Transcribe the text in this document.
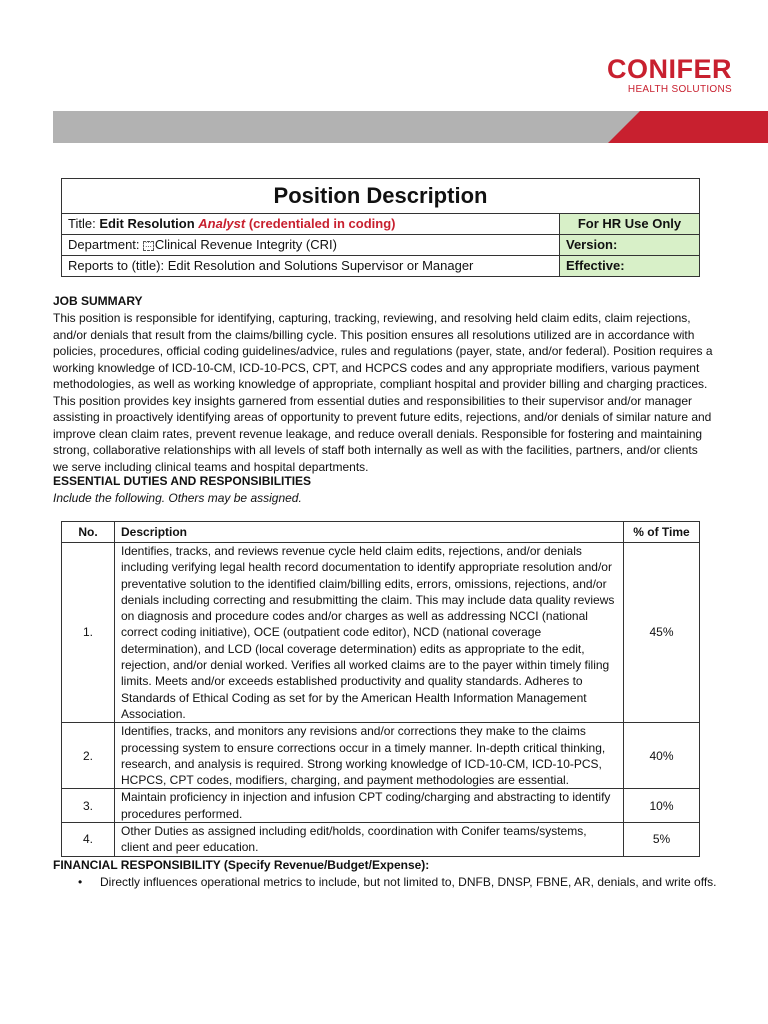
CONIFER
HEALTH SOLUTIONS
Position Description	
Title: Edit Resolution Analyst (credentialed in coding)	For HR Use Only
Department: ⁚⁚⁚ Clinical Revenue Integrity (CRI)	Version:
Reports to (title): Edit Resolution and Solutions Supervisor or Manager	Effective:

JOB SUMMARY

This position is responsible for identifying, capturing, tracking, reviewing, and resolving held claim edits, claim rejections, and/or denials that result from the claims/billing cycle. This position ensures all resolutions utilized are in accordance with policies, procedures, official coding guidelines/advice, rules and regulations (payer, state, and/or federal). Position requires a working knowledge of ICD-10-CM, ICD-10-PCS, CPT, and HCPCS codes and any appropriate modifiers, various payment methodologies, as well as working knowledge of appropriate, compliant hospital and provider billing and charging practices. This position provides key insights garnered from essential duties and responsibilities to their supervisor and/or manager assisting in proactively identifying areas of opportunity to prevent future edits, rejections, and/or denials of similar nature and improve clean claim rates, prevent revenue leakage, and reduce overall denials. Responsible for fostering and maintaining strong, collaborative relationships with all levels of staff both internally as well as with the facilities, partners, and/or clients we serve including clinical teams and hospital departments.

ESSENTIAL DUTIES AND RESPONSIBILITIES

Include the following. Others may be assigned.

No.	Description	% of Time
1.	Identifies, tracks, and reviews revenue cycle held claim edits, rejections, and/or denials including verifying legal health record documentation to identify appropriate resolution and/or preventative solution to the identified claim/billing edits, errors, omissions, rejections, and/or denials including correcting and resubmitting the claim. This may include data quality reviews on diagnosis and procedure codes and/or charges as well as addressing NCCI (national correct coding initiative), OCE (outpatient code editor), NCD (national coverage determination), and LCD (local coverage determination) edits as appropriate to the edit, rejection, and/or denial worked. Verifies all worked claims are to the payer within timely filing limits. Meets and/or exceeds established productivity and quality standards. Adheres to Standards of Ethical Coding as set for by the American Health Information Management Association.	45%
2.	Identifies, tracks, and monitors any revisions and/or corrections they make to the claims processing system to ensure corrections occur in a timely manner. In-depth critical thinking, research, and analysis is required. Strong working knowledge of ICD-10-CM, ICD-10-PCS, HCPCS, CPT codes, modifiers, charging, and payment methodologies are essential.	40%
3.	Maintain proficiency in injection and infusion CPT coding/charging and abstracting to identify procedures performed.	10%
4.	Other Duties as assigned including edit/holds, coordination with Conifer teams/systems, client and peer education.	5%

FINANCIAL RESPONSIBILITY (Specify Revenue/Budget/Expense):

•	Directly influences operational metrics to include, but not limited to, DNFB, DNSP, FBNE, AR, denials, and write offs.
